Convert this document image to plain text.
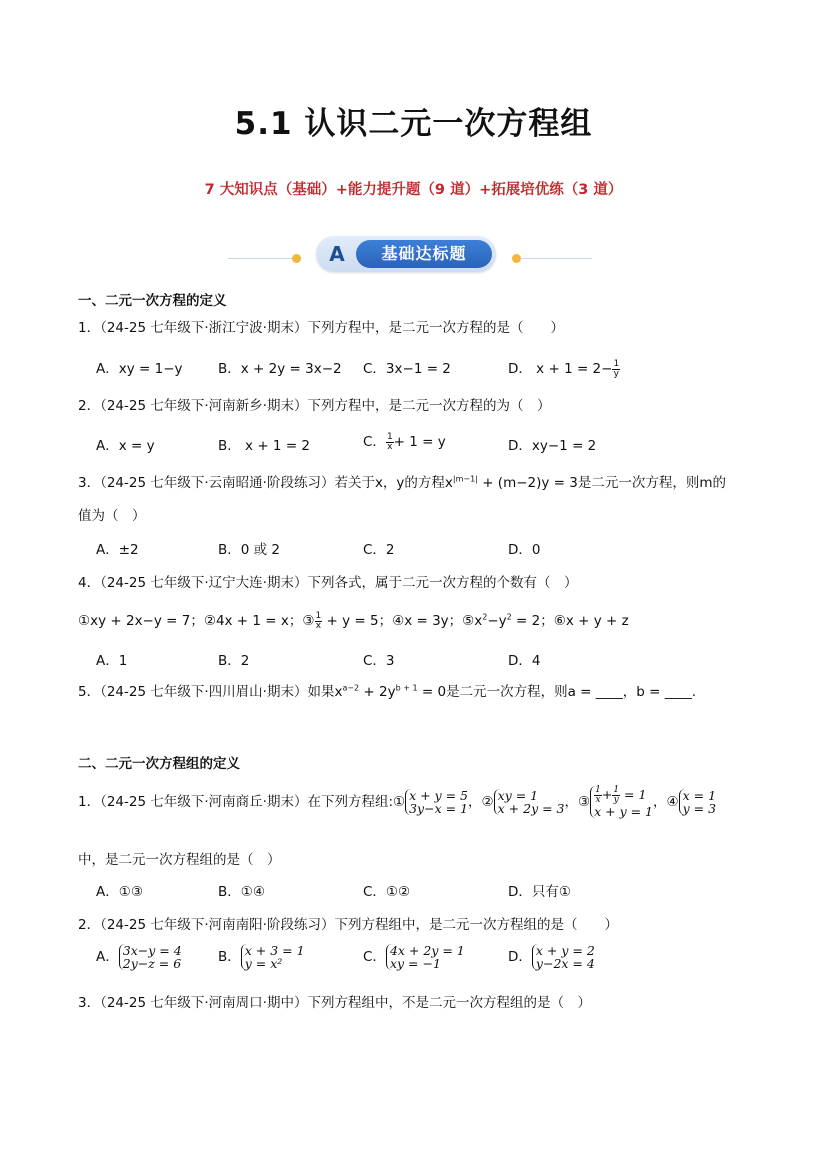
5.1 认识二元一次方程组
7 大知识点（基础）+能力提升题（9 道）+拓展培优练（3 道）
A	基础达标题
一、二元一次方程的定义
1．（24-25 七年级下·浙江宁波·期末）下列方程中，是二元一次方程的是（　　）
A．xy = 1−y	B．x + 2y = 3x−2 C．3x−1 = 2	D． $x + 1 = 2- \frac{1}{y}$
2．（24-25 七年级下·河南新乡·期末）下列方程中，是二元一次方程的为（　）
A．x = y	B． x + 1 = 2	C． $\frac{1}{x} + 1 = y$	D．xy−1 = 2
3．（24-25 七年级下·云南昭通·阶段练习）若关于x，y的方程$x^{|m-1|} + (m-2)y = 3$是二元一次方程，则m的
值为（　）
A．±2	B．0 或 2	C．2	D．0
4．（24-25 七年级下·辽宁大连·期末）下列各式，属于二元一次方程的个数有（　）
①xy + 2x−y = 7；②4x + 1 = x；③ $\frac{1}{x} + y = 5$；④x = 3y；$⑤x^2-y^2 = 2$；⑥x + y + z
A．1	B．2	C．3	D．4
5．（24-25 七年级下·四川眉山·期末）如果$x^{a-2} + 2y^{b + 1} = 0$是二元一次方程，则a = ____，b = ____.
二、二元一次方程组的定义
1．（24-25 七年级下·河南商丘·期末）在下列方程组:① x + y = 5
3y−x = 1，② xy = 1
x + 2y = 3，③ $\frac{1}{x} + \frac{1}{y} = 1$
x + y = 1，④ x = 1
y = 3
中，是二元一次方程组的是（　）
A．①③	B．①④	C．①②	D．只有①
2．（24-25 七年级下·河南南阳·阶段练习）下列方程组中，是二元一次方程组的是（　　）
A． 3x−y = 4
2y−z = 6	B． x + 3 = 1
y = x²	C． 4x + 2y = 1
xy = −1	D． x + y = 2
y−2x = 4
3．（24-25 七年级下·河南周口·期中）下列方程组中，不是二元一次方程组的是（　）
